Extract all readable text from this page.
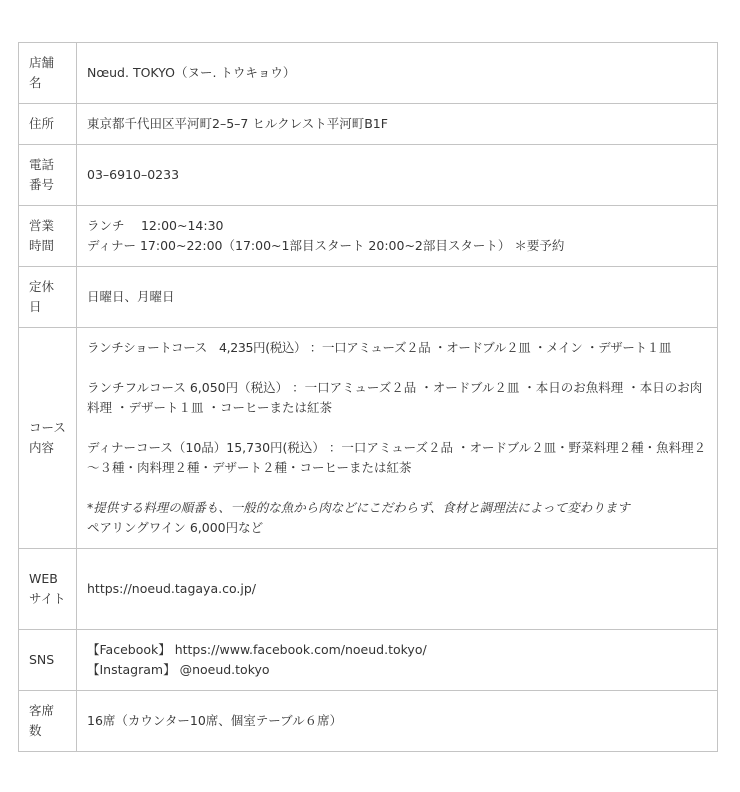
店舗名	Nœud. TOKYO（ヌー. トウキョウ）

住所	東京都千代田区平河町2–5–7 ヒルクレスト平河町B1F

電話番号	03–6910–0233

営業時間	ランチ　 12:00~14:30
ディナー 17:00~22:00（17:00~1部目スタート 20:00~2部目スタート） ＊要予約

定休日	日曜日、月曜日

コース内容	ランチショートコース　4,235円(税込） ：一口アミューズ２品 ・オードブル２皿 ・メイン ・デザート１皿
ランチフルコース 6,050円（税込） ：一口アミューズ２品 ・オードブル２皿 ・本日のお魚料理 ・本日のお肉料理 ・デザート１皿 ・コーヒーまたは紅茶
ディナーコース（10品）15,730円(税込） ：一口アミューズ２品 ・オードブル２皿・野菜料理２種・魚料理２～３種・肉料理２種・デザート２種・コーヒーまたは紅茶
*提供する料理の順番も、一般的な魚から肉などにこだわらず、食材と調理法によって変わります
ペアリングワイン 6,000円など

WEBサイト	https://noeud.tagaya.co.jp/

SNS	【Facebook】 https://www.facebook.com/noeud.tokyo/
【Instagram】 @noeud.tokyo

客席数	16席（カウンター10席、個室テーブル６席）
